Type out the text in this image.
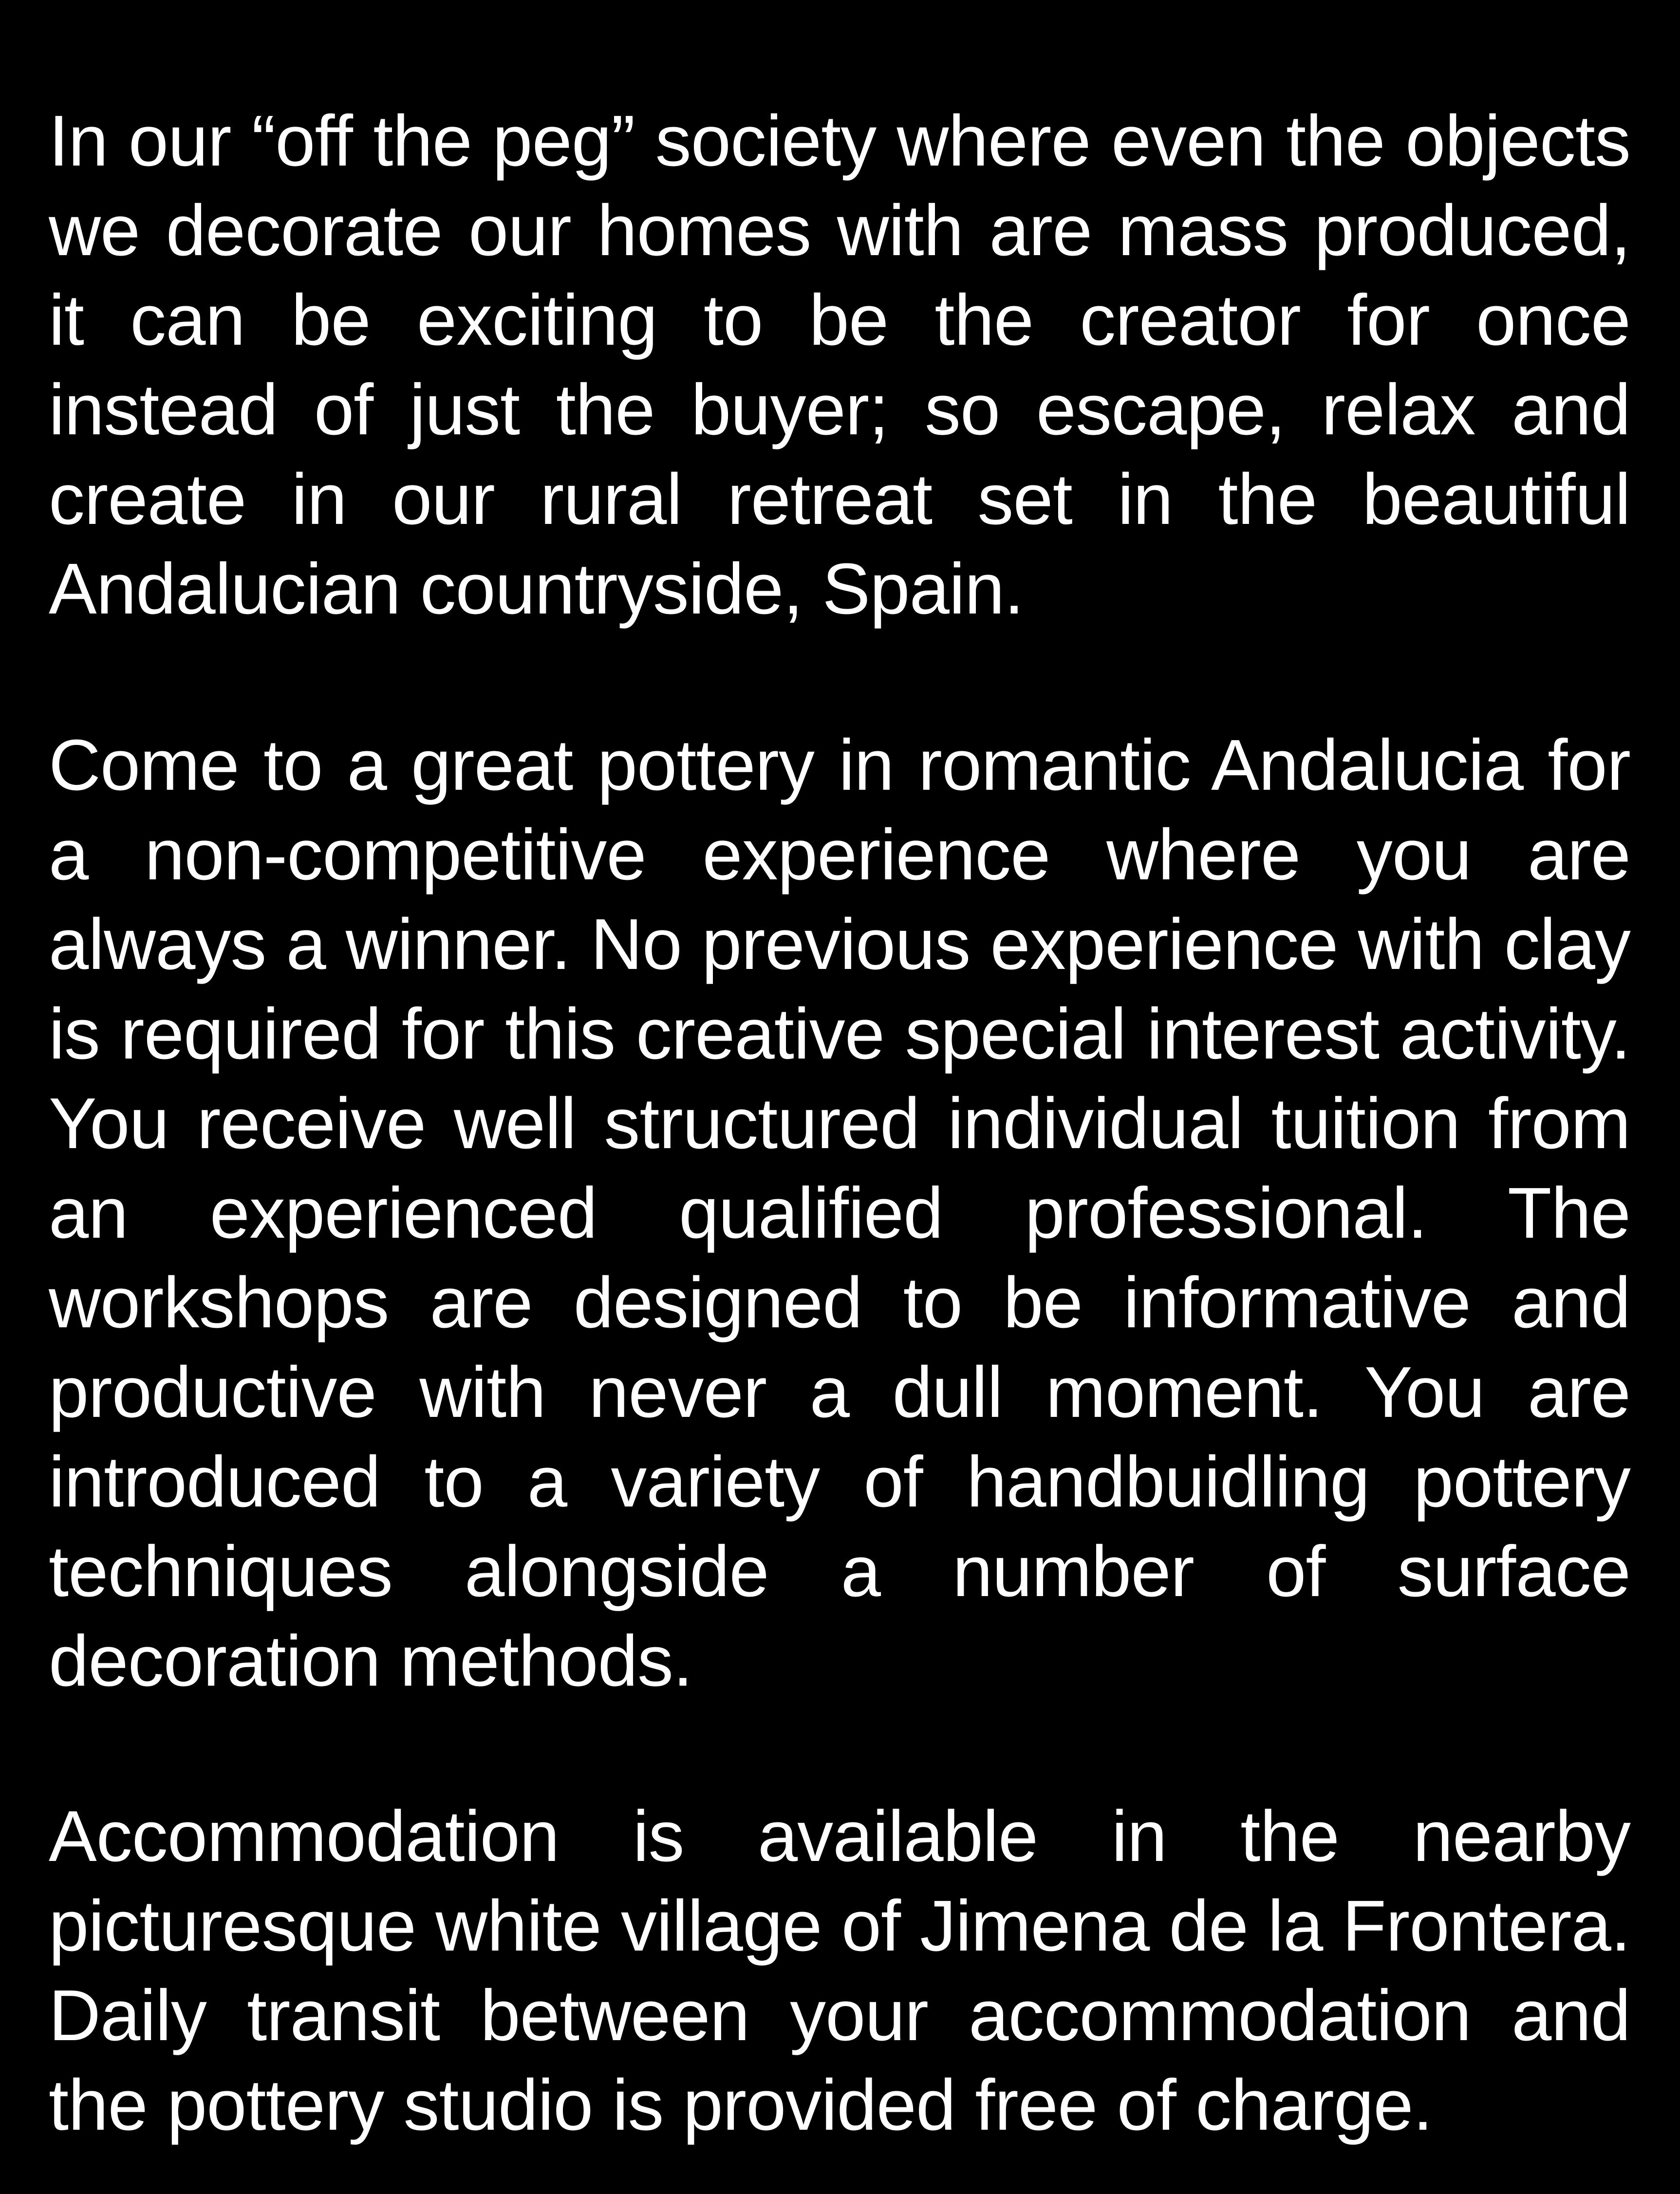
In our “off the peg” society where even the objects we decorate our homes with are mass produced, it can be exciting to be the creator for once instead of just the buyer; so escape, relax and create in our rural retreat set in the beautiful Andalucian countryside, Spain.

Come to a great pottery in romantic Andalucia for a non-competitive experience where you are always a winner. No previous experience with clay is required for this creative special interest activity. You receive well structured individual tuition from an experienced qualified professional. The workshops are designed to be informative and productive with never a dull moment. You are introduced to a variety of handbuidling pottery techniques alongside a number of surface decoration methods.

Accommodation is available in the nearby picturesque white village of Jimena de la Frontera. Daily transit between your accommodation and the pottery studio is provided free of charge.
